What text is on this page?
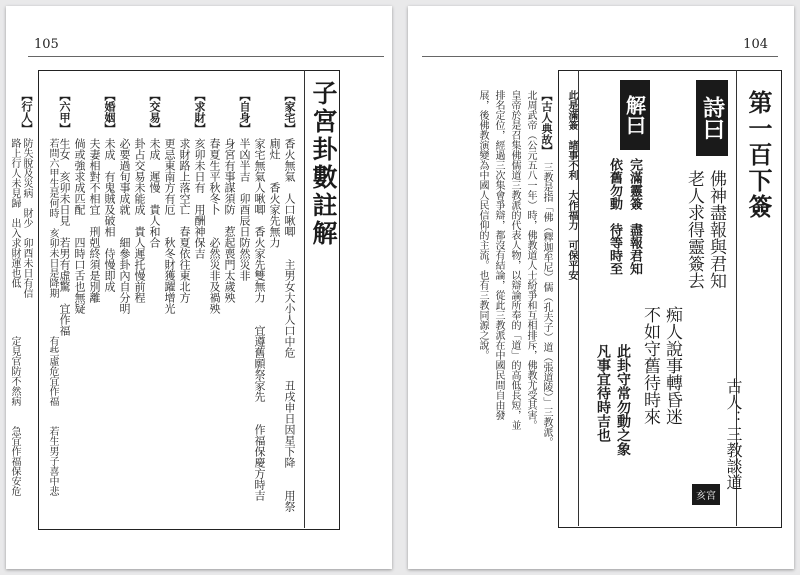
105
子宮卦數註解
【家宅】
香火無氣　人口啾唧　　主男女大小人口中危　　丑戌申日因星下降　　用祭
廁灶　　香火家先無力
家宅無氣人啾唧　香火家先雙無力　　宜遵舊願祭家先　　作福保慶方時吉
【自身】
半凶半吉　卯酉辰日防然災非
身宮有事謀須防　惹起喪門太歲殃
春夏生平秋冬卜　　必然災非及禍殃
【求財】
亥卯未日有　用酬神保吉
求財路上落空亡　春夏依往東北方
更忌東南方有厄　　秋冬財獲躍增光
【交易】
未成　遲慢　貴人和合
卦占交易未能成　貴人遲托慢前程
必要過旬事成就　　細參卦內自分明
【婚姻】
未成　有鬼賊及破相　侍慢即成
夫妻相對不相宜　刑剋終須是別離
倘或強求成匹配　　四時口舌也無疑
【六甲】
生女　亥卯未日見　若男有虛驚　宜作福
若問六甲生是何時　亥卯未日是降期
有些虛危宜作福　　若生男子喜中悲
【行人】
防失脫及災病　財少　卯酉未日有信
路上行人未見歸　出入求財運也低
定見官防不然病　　急宜作福保安危
104
第一百下簽
詩曰
佛神盡報與君知
老人求得靈簽去
痴人說事轉昏迷
不如守舊待時來
古人：三教談道
此卦守常勿動之象
凡事宜待時吉也
亥宮
解曰
完滿靈簽　盡報君知
依舊勿動　待等時至
此是滿簽　諸事不利　大作福力　可保平安
【古人典故】
三教是指「佛（釋迦牟尼）儒（孔夫子）道（張道陵）」三教派。
北周武帝（公元五八一年）時，佛教道人士紛爭和互相排斥，佛教尤受其害。
皇帝於是召集佛儒道三教派的代表人物，以辯論所奉的「道」的高低長短，並
排名定位，經過三次集會爭辯，都沒有結論，從此三教派在中國民間自由發
展，後佛教演變為中國人民信仰的主流。也有三教同源之說。
